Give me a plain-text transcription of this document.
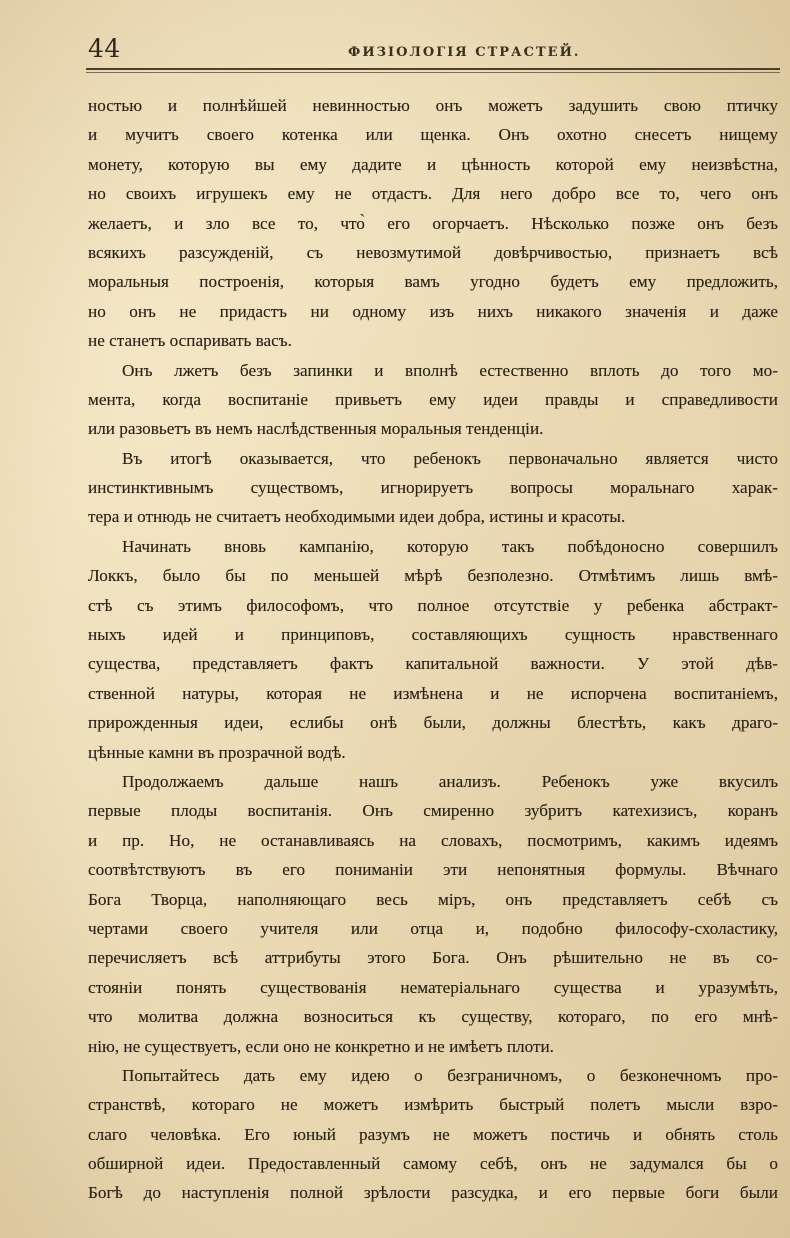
44	ФИЗІОЛОГІЯ СТРАСТЕЙ.
ностью и полнѣйшей невинностью онъ можетъ задушить свою птичку
и мучитъ своего котенка или щенка. Онъ охотно снесетъ нищему
монету, которую вы ему дадите и цѣнность которой ему неизвѣстна,
но своихъ игрушекъ ему не отдастъ. Для него добро все то, чего онъ
желаетъ, и зло все то, что̀ его огорчаетъ. Нѣсколько позже онъ безъ
всякихъ разсужденій, съ невозмутимой довѣрчивостью, признаетъ всѣ
моральныя построенія, которыя вамъ угодно будетъ ему предложить,
но онъ не придастъ ни одному изъ нихъ никакого значенія и даже
не станетъ оспаривать васъ.
Онъ лжетъ безъ запинки и вполнѣ естественно вплоть до того мо-
мента, когда воспитаніе привьетъ ему идеи правды и справедливости
или разовьетъ въ немъ наслѣдственныя моральныя тенденціи.
Въ итогѣ оказывается, что ребенокъ первоначально является чисто
инстинктивнымъ существомъ, игнорируетъ вопросы моральнаго харак-
тера и отнюдь не считаетъ необходимыми идеи добра, истины и красоты.
Начинать вновь кампанію, которую такъ побѣдоносно совершилъ
Локкъ, было бы по меньшей мѣрѣ безполезно. Отмѣтимъ лишь вмѣ-
стѣ съ этимъ философомъ, что полное отсутствіе у ребенка абстракт-
ныхъ идей и принциповъ, составляющихъ сущность нравственнаго
существа, представляетъ фактъ капитальной важности. У этой дѣв-
ственной натуры, которая не измѣнена и не испорчена воспитаніемъ,
прирожденныя идеи, еслибы онѣ были, должны блестѣть, какъ драго-
цѣнные камни въ прозрачной водѣ.
Продолжаемъ дальше нашъ анализъ. Ребенокъ уже вкусилъ
первые плоды воспитанія. Онъ смиренно зубритъ катехизисъ, коранъ
и пр. Но, не останавливаясь на словахъ, посмотримъ, какимъ идеямъ
соотвѣтствуютъ въ его пониманіи эти непонятныя формулы. Вѣчнаго
Бога Творца, наполняющаго весь міръ, онъ представляетъ себѣ съ
чертами своего учителя или отца и, подобно философу-схоластику,
перечисляетъ всѣ аттрибуты этого Бога. Онъ рѣшительно не въ со-
стояніи понять существованія нематеріальнаго существа и уразумѣть,
что молитва должна возноситься къ существу, котораго, по его мнѣ-
нію, не существуетъ, если оно не конкретно и не имѣетъ плоти.
Попытайтесь дать ему идею о безграничномъ, о безконечномъ про-
странствѣ, котораго не можетъ измѣрить быстрый полетъ мысли взро-
слаго человѣка. Его юный разумъ не можетъ постичь и обнять столь
обширной идеи. Предоставленный самому себѣ, онъ не задумался бы о
Богѣ до наступленія полной зрѣлости разсудка, и его первые боги были
